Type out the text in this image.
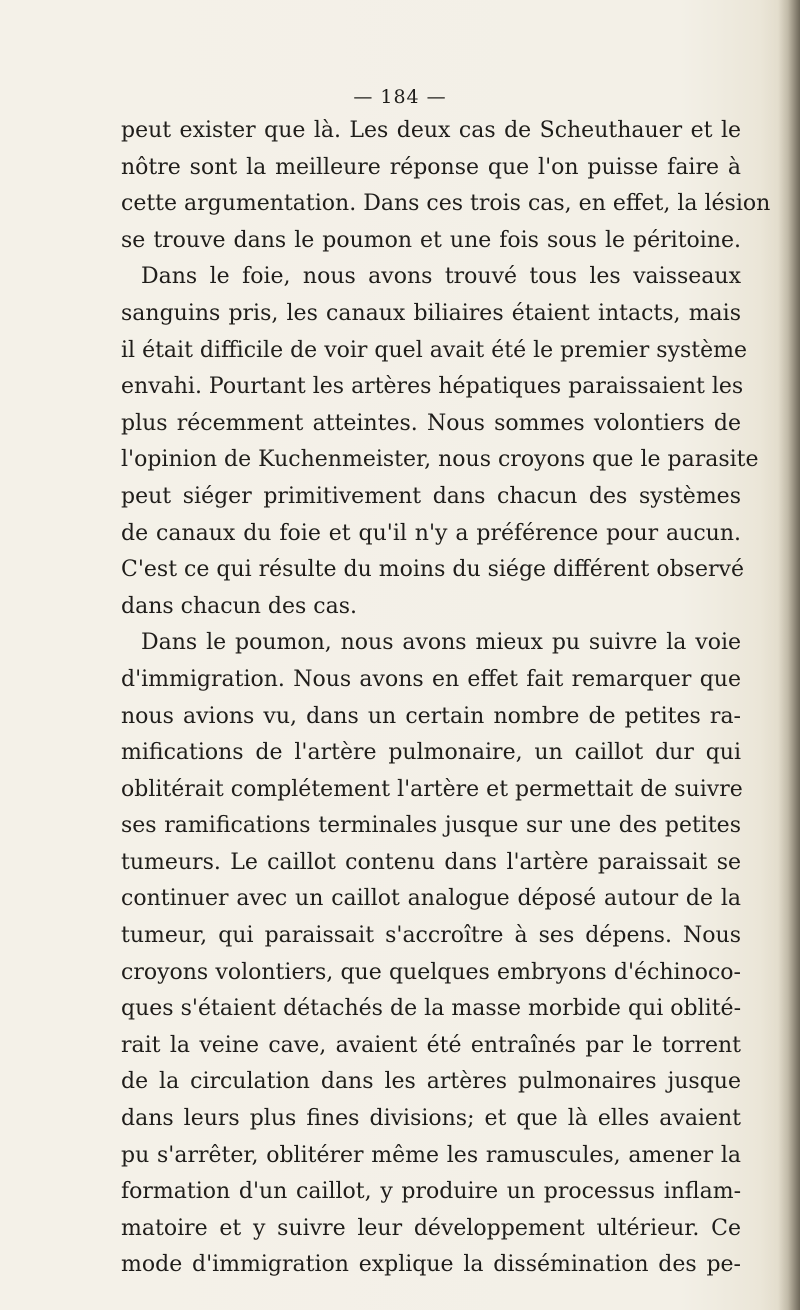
— 184 —
peut exister que là. Les deux cas de Scheuthauer et le
nôtre sont la meilleure réponse que l'on puisse faire à
cette argumentation. Dans ces trois cas, en effet, la lésion
se trouve dans le poumon et une fois sous le péritoine.
Dans le foie, nous avons trouvé tous les vaisseaux
sanguins pris, les canaux biliaires étaient intacts, mais
il était difficile de voir quel avait été le premier système
envahi. Pourtant les artères hépatiques paraissaient les
plus récemment atteintes. Nous sommes volontiers de
l'opinion de Kuchenmeister, nous croyons que le parasite
peut siéger primitivement dans chacun des systèmes
de canaux du foie et qu'il n'y a préférence pour aucun.
C'est ce qui résulte du moins du siége différent observé
dans chacun des cas.
Dans le poumon, nous avons mieux pu suivre la voie
d'immigration. Nous avons en effet fait remarquer que
nous avions vu, dans un certain nombre de petites ra-
mifications de l'artère pulmonaire, un caillot dur qui
oblitérait complétement l'artère et permettait de suivre
ses ramifications terminales jusque sur une des petites
tumeurs. Le caillot contenu dans l'artère paraissait se
continuer avec un caillot analogue déposé autour de la
tumeur, qui paraissait s'accroître à ses dépens. Nous
croyons volontiers, que quelques embryons d'échinoco-
ques s'étaient détachés de la masse morbide qui oblité-
rait la veine cave, avaient été entraînés par le torrent
de la circulation dans les artères pulmonaires jusque
dans leurs plus fines divisions; et que là elles avaient
pu s'arrêter, oblitérer même les ramuscules, amener la
formation d'un caillot, y produire un processus inflam-
matoire et y suivre leur développement ultérieur. Ce
mode d'immigration explique la dissémination des pe-
